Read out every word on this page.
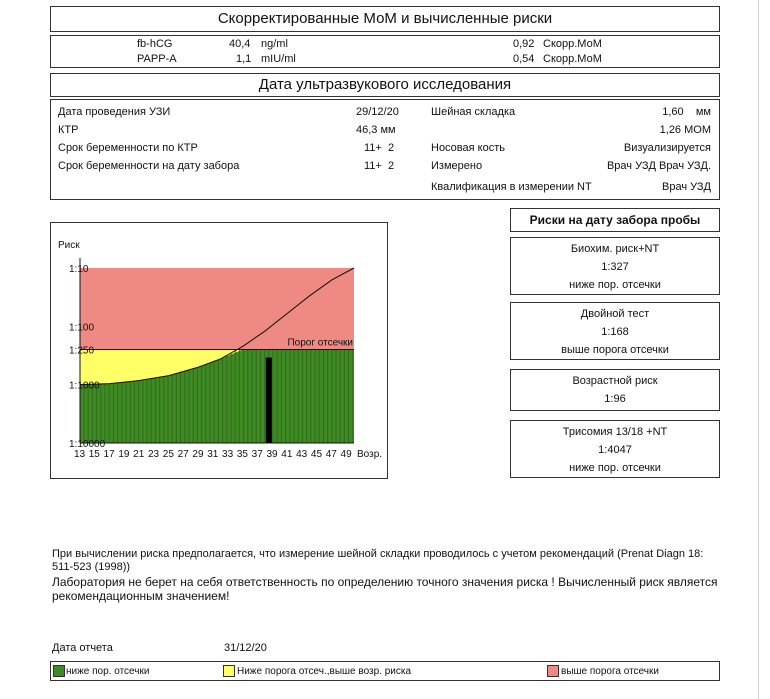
Скорректированные МоМ и вычисленные риски
fb-hCG	40,4 ng/ml	0,92 Скорр.МоМ
PAPP-A	1,1 mIU/ml	0,54 Скорр.МоМ
Дата ультразвукового исследования
Дата проведения УЗИ	29/12/20
КТР	46,3 мм
Срок беременности по КТР	11+  2
Срок беременности на дату забора	11+  2
Шейная складка	1,60    мм
1,26 МОМ
Носовая кость	Визуализируется
Измерено	Врач УЗД Врач УЗД.
Квалификация в измерении NT	Врач УЗД
1:10
1:100
1:250
1:1000
1:10000
Риск
13 15 17 19 21 23 25 27 29 31 33 35 37 39 41 43 45 47 49 Возр.
Порог отсечки
Риски на дату забора пробы
Биохим. риск+NT
1:327
ниже пор. отсечки
Двойной тест
1:168
выше порога отсечки
Возрастной риск
1:96
Трисомия 13/18 +NT
1:4047
ниже пор. отсечки
При вычислении риска предполагается, что измерение шейной складки проводилось с учетом рекомендаций (Prenat Diagn 18: 511-523 (1998))
Лаборатория не берет на себя ответственность по определению точного значения риска ! Вычисленный риск является рекомендационным значением!
Дата отчета	31/12/20
ниже пор. отсечки	Ниже порога отсеч.,выше возр. риска	выше порога отсечки
